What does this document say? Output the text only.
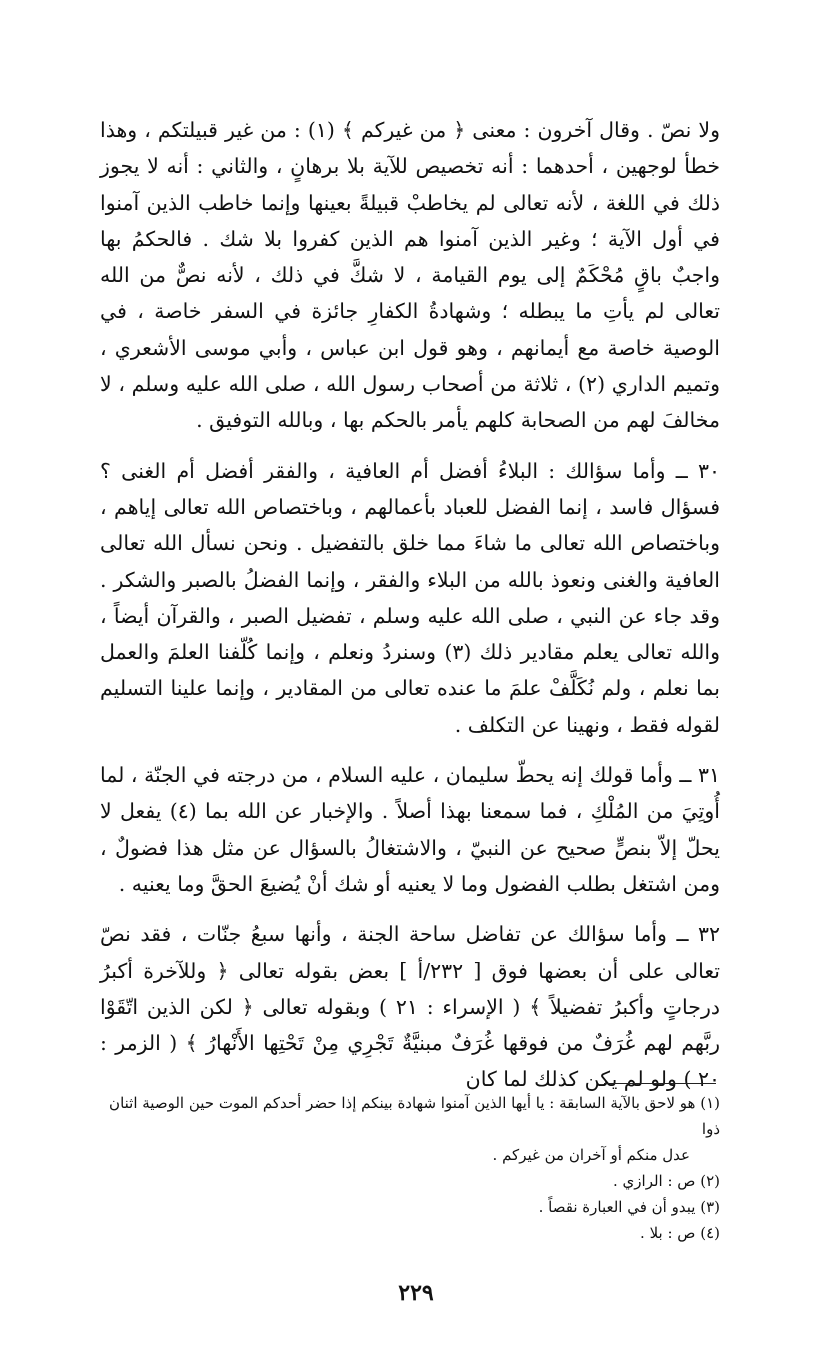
ولا نصّ . وقال آخرون : معنى ﴿ من غيركم ﴾ (١) : من غير قبيلتكم ، وهذا خطأ لوجهين ، أحدهما : أنه تخصيص للآية بلا برهانٍ ، والثاني : أنه لا يجوز ذلك في اللغة ، لأنه تعالى لم يخاطبْ قبيلةً بعينها وإنما خاطب الذين آمنوا في أول الآية ؛ وغير الذين آمنوا هم الذين كفروا بلا شك . فالحكمُ بها واجبٌ باقٍ مُحْكَمٌ إلى يوم القيامة ، لا شكَّ في ذلك ، لأنه نصٌّ من الله تعالى لم يأتِ ما يبطله ؛ وشهادةُ الكفارِ جائزة في السفر خاصة ، في الوصية خاصة مع أيمانهم ، وهو قول ابن عباس ، وأبي موسى الأشعري ، وتميم الداري (٢) ، ثلاثة من أصحاب رسول الله ، صلى الله عليه وسلم ، لا مخالفَ لهم من الصحابة كلهم يأمر بالحكم بها ، وبالله التوفيق .

٣٠ ــ وأما سؤالك : البلاءُ أفضل أم العافية ، والفقر أفضل أم الغنى ؟ فسؤال فاسد ، إنما الفضل للعباد بأعمالهم ، وباختصاص الله تعالى إياهم ، وباختصاص الله تعالى ما شاءَ مما خلق بالتفضيل . ونحن نسأل الله تعالى العافية والغنى ونعوذ بالله من البلاء والفقر ، وإنما الفضلُ بالصبر والشكر . وقد جاء عن النبي ، صلى الله عليه وسلم ، تفضيل الصبر ، والقرآن أيضاً ، والله تعالى يعلم مقادير ذلك (٣) وسنردُ ونعلم ، وإنما كُلّفنا العلمَ والعمل بما نعلم ، ولم نُكَلَّفْ علمَ ما عنده تعالى من المقادير ، وإنما علينا التسليم لقوله فقط ، ونهينا عن التكلف .

٣١ ــ وأما قولك إنه يحطّ سليمان ، عليه السلام ، من درجته في الجنّة ، لما أُوتِيَ من المُلْكِ ، فما سمعنا بهذا أصلاً . والإخبار عن الله بما (٤) يفعل لا يحلّ إلاّ بنصٍّ صحيح عن النبيّ ، والاشتغالُ بالسؤال عن مثل هذا فضولٌ ، ومن اشتغل بطلب الفضول وما لا يعنيه أو شك أنْ يُضيعَ الحقَّ وما يعنيه .

٣٢ ــ وأما سؤالك عن تفاضل ساحة الجنة ، وأنها سبعُ جنّات ، فقد نصّ تعالى على أن بعضها فوق [ ٢٣٢/أ ] بعض بقوله تعالى ﴿ وللآخرة أكبرُ درجاتٍ وأكبرُ تفضيلاً ﴾ ( الإسراء : ٢١ ) وبقوله تعالى ﴿ لكن الذين اتّقَوْا ربَّهم لهم غُرَفٌ من فوقها غُرَفٌ مبنيَّةٌ تَجْرِي مِنْ تَحْتِها الأَنْهارُ ﴾ ( الزمر : ٢٠ ) ولو لم يكن كذلك لما كان

(١) هو لاحق بالآية السابقة : يا أيها الذين آمنوا شهادة بينكم إذا حضر أحدكم الموت حين الوصية اثنان ذوا
عدل منكم أو آخران من غيركم .
(٢) ص : الرازي .
(٣) يبدو أن في العبارة نقصاً .
(٤) ص : بلا .
٢٢٩
